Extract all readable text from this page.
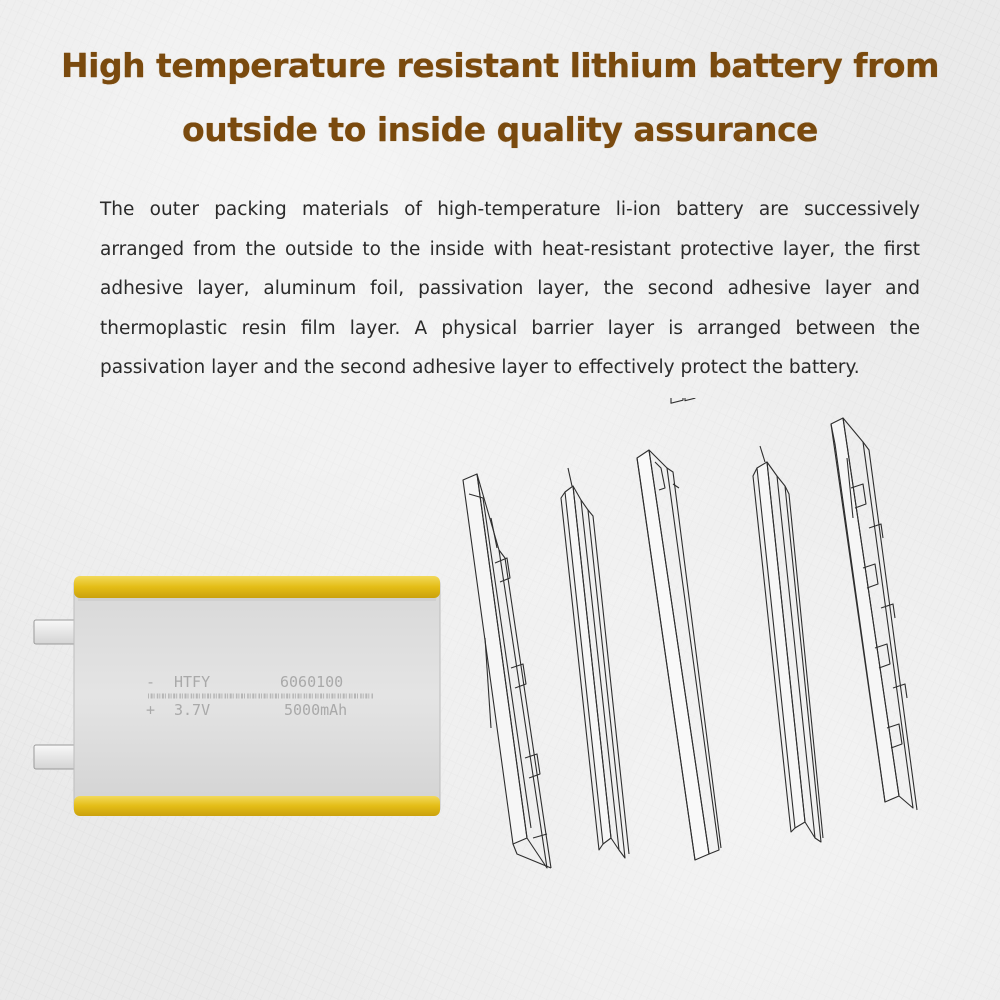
High temperature resistant lithium battery from
outside to inside quality assurance

The outer packing materials of high-temperature li-ion battery are successively arranged from the outside to the inside with heat-resistant protective layer, the first adhesive layer, aluminum foil, passivation layer, the second adhesive layer and thermoplastic resin film layer. A physical barrier layer is arranged between the passivation layer and the second adhesive layer to effectively protect the battery.

- HTFY	6060100
+ 3.7V	5000mAh
